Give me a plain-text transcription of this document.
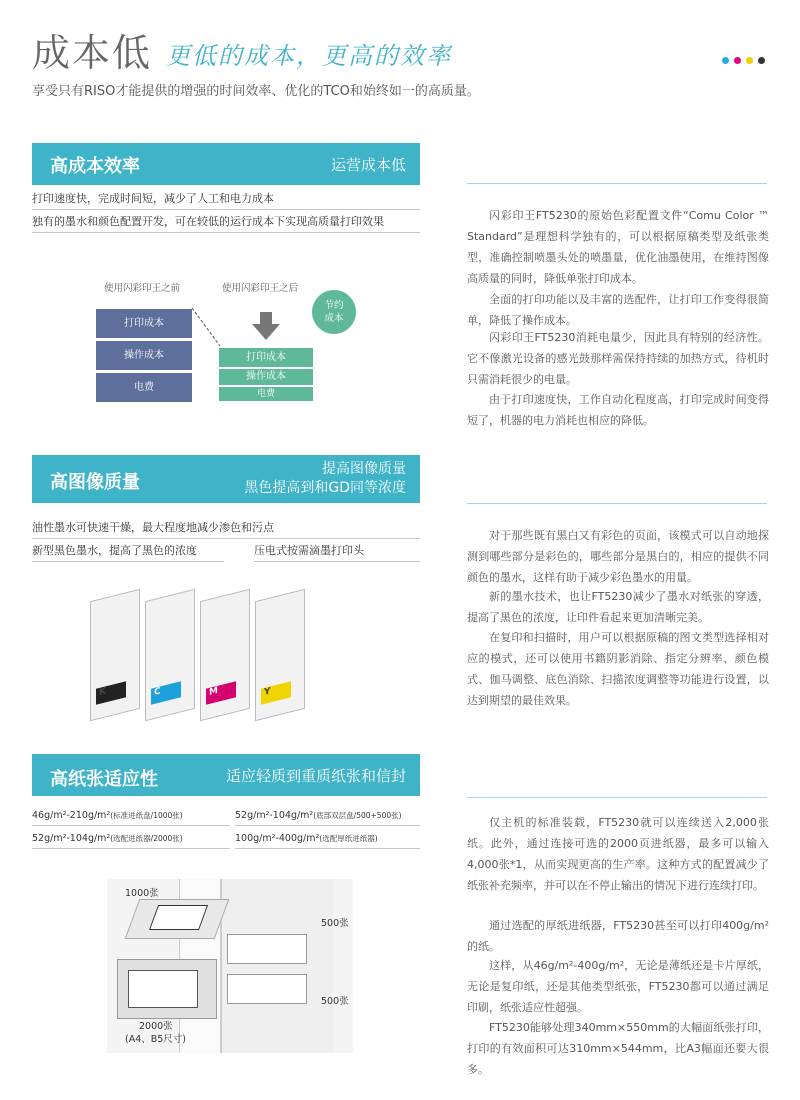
成本低 更低的成本，更高的效率
享受只有RISO才能提供的增强的时间效率、优化的TCO和始终如一的高质量。
高成本效率	运营成本低
打印速度快，完成时间短，减少了人工和电力成本
独有的墨水和颜色配置开发，可在较低的运行成本下实现高质量打印效果
使用闪彩印王之前	使用闪彩印王之后
打印成本
操作成本
电费
节约
成本
打印成本
操作成本
电费
闪彩印王FT5230的原始色彩配置文件“Comu Color ™ Standard”是理想科学独有的，可以根据原稿类型及纸张类型，准确控制喷墨头处的喷墨量，优化油墨使用，在维持图像高质量的同时，降低单张打印成本。
全面的打印功能以及丰富的选配件，让打印工作变得很简单，降低了操作成本。
闪彩印王FT5230消耗电量少，因此具有特别的经济性。它不像激光设备的感光鼓那样需保持持续的加热方式，待机时只需消耗很少的电量。
由于打印速度快，工作自动化程度高，打印完成时间变得短了，机器的电力消耗也相应的降低。
高图像质量
提高图像质量
黑色提高到和GD同等浓度
油性墨水可快速干燥，最大程度地减少渗色和污点
新型黑色墨水，提高了黑色的浓度	压电式按需滴墨打印头
K	C	M	Y
对于那些既有黑白又有彩色的页面，该模式可以自动地探测到哪些部分是彩色的，哪些部分是黑白的，相应的提供不同颜色的墨水，这样有助于减少彩色墨水的用量。
新的墨水技术，也让FT5230减少了墨水对纸张的穿透，提高了黑色的浓度，让印件看起来更加清晰完美。
在复印和扫描时，用户可以根据原稿的图文类型选择相对应的模式，还可以使用书籍阴影消除、指定分辨率、颜色模式、伽马调整、底色消除、扫描浓度调整等功能进行设置，以达到期望的最佳效果。
高纸张适应性	适应轻质到重质纸张和信封
46g/m²-210g/m²(标准进纸盘/1000张)	52g/m²-104g/m²(底部双层盘/500+500张)
52g/m²-104g/m²(选配进纸器/2000张)	100g/m²-400g/m²(选配厚纸进纸器)
1000张
500张
500张
2000张
(A4、B5尺寸)
仅主机的标准装载，FT5230就可以连续送入2,000张纸。此外，通过连接可选的2000页进纸器，最多可以输入4,000张*1，从而实现更高的生产率。这种方式的配置减少了纸张补充频率，并可以在不停止输出的情况下进行连续打印。
通过选配的厚纸进纸器，FT5230甚至可以打印400g/m²的纸。
这样，从46g/m²-400g/m²，无论是薄纸还是卡片厚纸，无论是复印纸，还是其他类型纸张，FT5230都可以通过满足印刷，纸张适应性超强。
FT5230能够处理340mm×550mm的大幅面纸张打印，打印的有效面积可达310mm×544mm，比A3幅面还要大很多。
